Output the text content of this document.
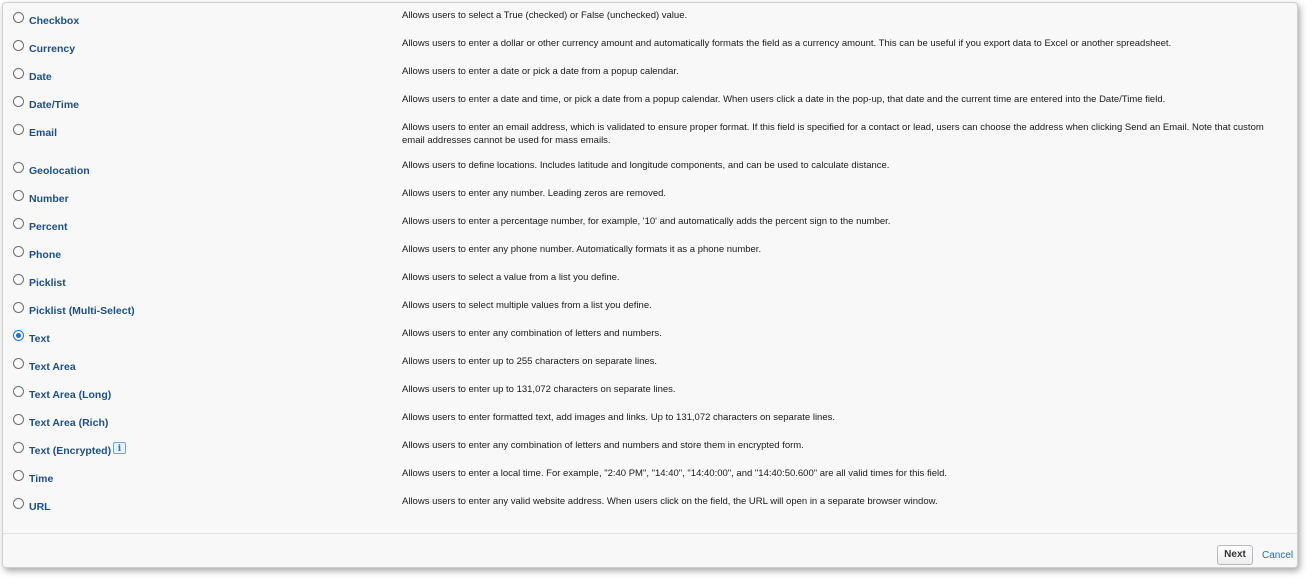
Checkbox	Allows users to select a True (checked) or False (unchecked) value.
Currency	Allows users to enter a dollar or other currency amount and automatically formats the field as a currency amount. This can be useful if you export data to Excel or another spreadsheet.
Date	Allows users to enter a date or pick a date from a popup calendar.
Date/Time	Allows users to enter a date and time, or pick a date from a popup calendar. When users click a date in the pop-up, that date and the current time are entered into the Date/Time field.
Email	Allows users to enter an email address, which is validated to ensure proper format. If this field is specified for a contact or lead, users can choose the address when clicking Send an Email. Note that custom email addresses cannot be used for mass emails.
Geolocation	Allows users to define locations. Includes latitude and longitude components, and can be used to calculate distance.
Number	Allows users to enter any number. Leading zeros are removed.
Percent	Allows users to enter a percentage number, for example, '10' and automatically adds the percent sign to the number.
Phone	Allows users to enter any phone number. Automatically formats it as a phone number.
Picklist	Allows users to select a value from a list you define.
Picklist (Multi-Select)	Allows users to select multiple values from a list you define.
Text	Allows users to enter any combination of letters and numbers.
Text Area	Allows users to enter up to 255 characters on separate lines.
Text Area (Long)	Allows users to enter up to 131,072 characters on separate lines.
Text Area (Rich)	Allows users to enter formatted text, add images and links. Up to 131,072 characters on separate lines.
Text (Encrypted) i	Allows users to enter any combination of letters and numbers and store them in encrypted form.
Time	Allows users to enter a local time. For example, "2:40 PM", "14:40", "14:40:00", and "14:40:50.600" are all valid times for this field.
URL	Allows users to enter any valid website address. When users click on the field, the URL will open in a separate browser window.
Next	Cancel
